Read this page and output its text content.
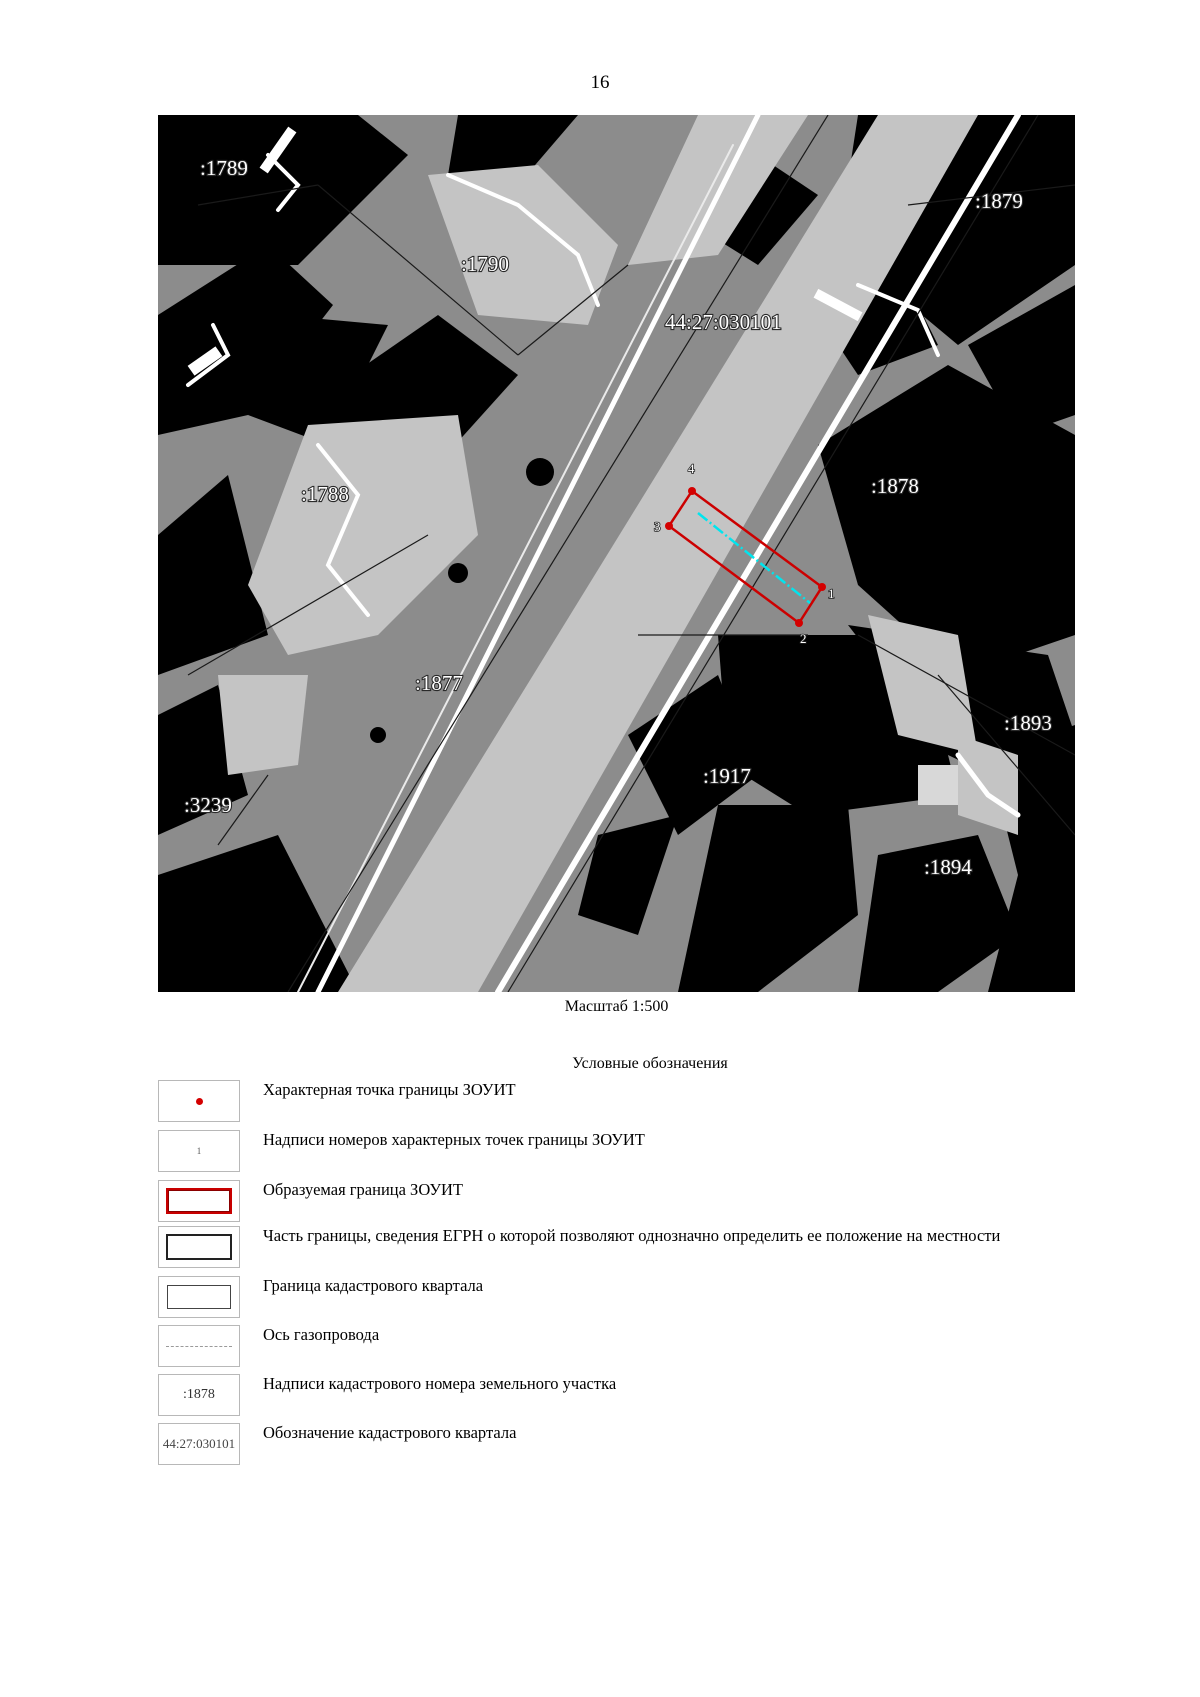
16
1
2
3
4
44:27:030101
:1789
:1790
:1879
:1788	:1878
:1877
:1893
:1917
:3239
:1894
Масштаб 1:500
Условные обозначения
Характерная точка границы ЗОУИТ
1
Надписи номеров характерных точек границы ЗОУИТ
Образуемая граница ЗОУИТ
Часть границы, сведения ЕГРН о которой позволяют однозначно определить ее положение на местности
Граница кадастрового квартала
Ось газопровода
:1878
Надписи кадастрового номера земельного участка
44:27:030101
Обозначение кадастрового квартала
